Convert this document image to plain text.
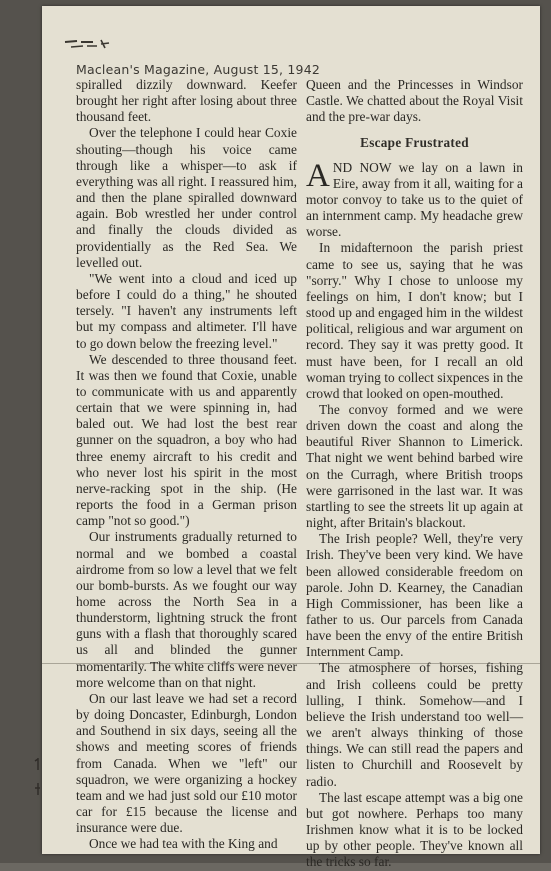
Maclean's Magazine, August 15, 1942

spiralled dizzily downward. Keefer brought her right after losing about three thousand feet.

Over the telephone I could hear Coxie shouting—though his voice came through like a whisper—to ask if everything was all right. I reassured him, and then the plane spiralled downward again. Bob wrestled her under control and finally the clouds divided as providentially as the Red Sea. We levelled out.

"We went into a cloud and iced up before I could do a thing," he shouted tersely. "I haven't any instruments left but my compass and altimeter. I'll have to go down below the freezing level."

We descended to three thousand feet. It was then we found that Coxie, unable to communicate with us and apparently certain that we were spinning in, had baled out. We had lost the best rear gunner on the squadron, a boy who had three enemy aircraft to his credit and who never lost his spirit in the most nerve-racking spot in the ship. (He reports the food in a German prison camp "not so good.")

Our instruments gradually returned to normal and we bombed a coastal airdrome from so low a level that we felt our bomb-bursts. As we fought our way home across the North Sea in a thunderstorm, lightning struck the front guns with a flash that thoroughly scared us all and blinded the gunner momentarily. The white cliffs were never more welcome than on that night.

On our last leave we had set a record by doing Doncaster, Edinburgh, London and Southend in six days, seeing all the shows and meeting scores of friends from Canada. When we "left" our squadron, we were organizing a hockey team and we had just sold our £10 motor car for £15 because the license and insurance were due.

Once we had tea with the King and

Queen and the Princesses in Windsor Castle. We chatted about the Royal Visit and the pre-war days.

Escape Frustrated

AND NOW we lay on a lawn in Eire, away from it all, waiting for a motor convoy to take us to the quiet of an internment camp. My headache grew worse.

In midafternoon the parish priest came to see us, saying that he was "sorry." Why I chose to unloose my feelings on him, I don't know; but I stood up and engaged him in the wildest political, religious and war argument on record. They say it was pretty good. It must have been, for I recall an old woman trying to collect sixpences in the crowd that looked on open-mouthed.

The convoy formed and we were driven down the coast and along the beautiful River Shannon to Limerick. That night we went behind barbed wire on the Curragh, where British troops were garrisoned in the last war. It was startling to see the streets lit up again at night, after Britain's blackout.

The Irish people? Well, they're very Irish. They've been very kind. We have been allowed considerable freedom on parole. John D. Kearney, the Canadian High Commissioner, has been like a father to us. Our parcels from Canada have been the envy of the entire British Internment Camp.

The atmosphere of horses, fishing and Irish colleens could be pretty lulling, I think. Somehow—and I believe the Irish understand too well—we aren't always thinking of those things. We can still read the papers and listen to Churchill and Roosevelt by radio.

The last escape attempt was a big one but got nowhere. Perhaps too many Irishmen know what it is to be locked up by other people. They've known all the tricks so far.
